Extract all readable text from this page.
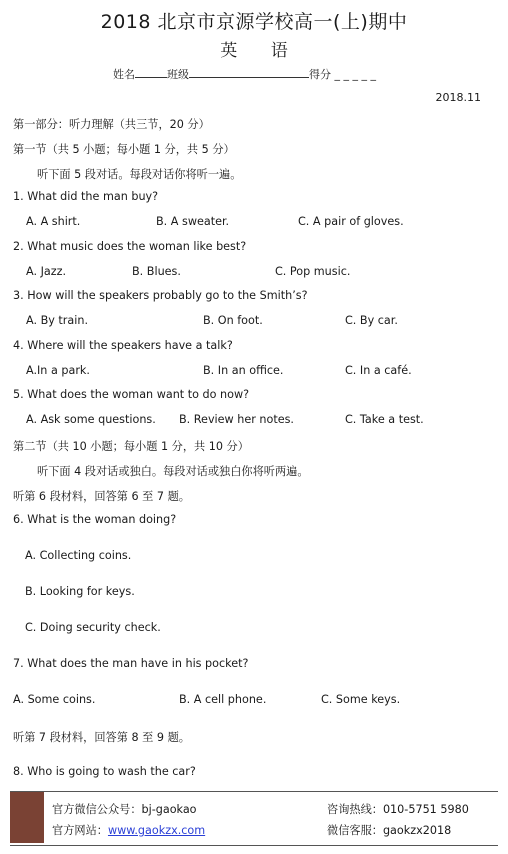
2018 北京市京源学校高一(上)期中
英 语
姓名	班级	得分 _ _ _ _ _
2018.11
第一部分：听力理解（共三节，20 分）
第一节（共 5 小题；每小题 1 分，共 5 分）
听下面 5 段对话。每段对话你将听一遍。
1. What did the man buy?
A. A shirt.	B. A sweater.	C. A pair of gloves.
2. What music does the woman like best?
A. Jazz.	B. Blues.	C. Pop music.
3. How will the speakers probably go to the Smith’s?
A. By train.	B. On foot.	C. By car.
4. Where will the speakers have a talk?
A.In a park.	B. In an office.	C. In a café.
5. What does the woman want to do now?
A. Ask some questions. B. Review her notes.	C. Take a test.
第二节（共 10 小题；每小题 1 分，共 10 分）
听下面 4 段对话或独白。每段对话或独白你将听两遍。
听第 6 段材料，回答第 6 至 7 题。
6. What is the woman doing?
A. Collecting coins.
B. Looking for keys.
C. Doing security check.
7. What does the man have in his pocket?
A. Some coins.	B. A cell phone.	C. Some keys.
听第 7 段材料，回答第 8 至 9 题。
8. Who is going to wash the car?
官方微信公众号：bj-gaokao	咨询热线：010-5751 5980
官方网站：www.gaokzx.com	微信客服：gaokzx2018
